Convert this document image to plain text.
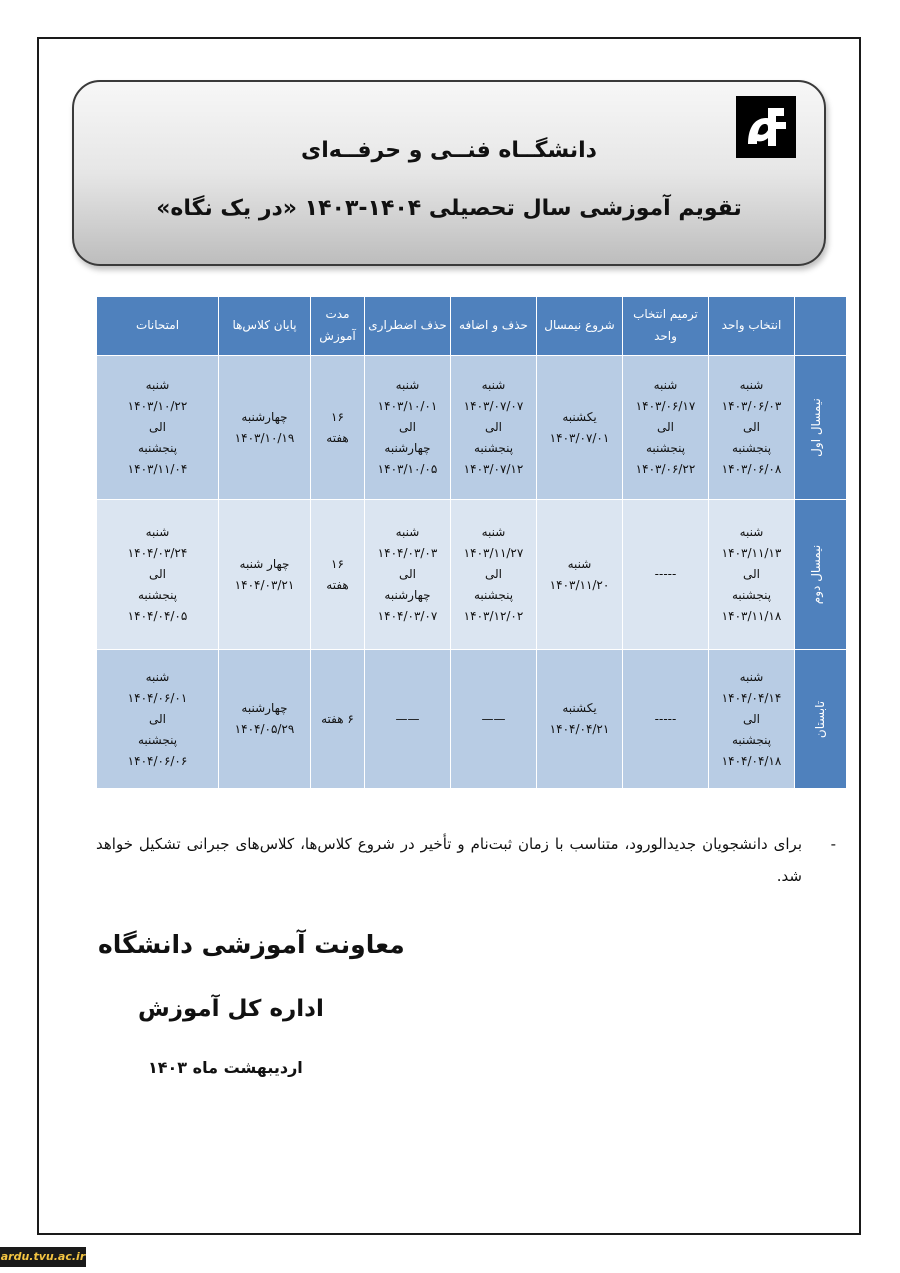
دانشگــاه فنــی و حرفــه‌ای
تقویم آموزشی سال تحصیلی ۱۴۰۴-۱۴۰۳ «در یک نگاه»
	انتخاب واحد	ترمیم انتخاب واحد	شروع نیمسال	حذف و اضافه	حذف اضطراری	مدت آموزش	پایان کلاس‌ها	امتحانات
نیمسال اول	شنبه
۱۴۰۳/۰۶/۰۳
الی
پنجشنبه
۱۴۰۳/۰۶/۰۸	شنبه
۱۴۰۳/۰۶/۱۷
الی
پنجشنبه
۱۴۰۳/۰۶/۲۲	یکشنبه
۱۴۰۳/۰۷/۰۱	شنبه
۱۴۰۳/۰۷/۰۷
الی
پنجشنبه
۱۴۰۳/۰۷/۱۲	شنبه
۱۴۰۳/۱۰/۰۱
الی
چهارشنبه
۱۴۰۳/۱۰/۰۵	۱۶
هفته	چهارشنبه
۱۴۰۳/۱۰/۱۹	شنبه
۱۴۰۳/۱۰/۲۲
الی
پنجشنبه
۱۴۰۳/۱۱/۰۴
نیمسال دوم	شنبه
۱۴۰۳/۱۱/۱۳
الی
پنجشنبه
۱۴۰۳/۱۱/۱۸	-----	شنبه
۱۴۰۳/۱۱/۲۰	شنبه
۱۴۰۳/۱۱/۲۷
الی
پنجشنبه
۱۴۰۳/۱۲/۰۲	شنبه
۱۴۰۴/۰۳/۰۳
الی
چهارشنبه
۱۴۰۴/۰۳/۰۷	۱۶
هفته	چهار شنبه
۱۴۰۴/۰۳/۲۱	شنبه
۱۴۰۴/۰۳/۲۴
الی
پنجشنبه
۱۴۰۴/۰۴/۰۵
تابستان	شنبه
۱۴۰۴/۰۴/۱۴
الی
پنجشنبه
۱۴۰۴/۰۴/۱۸	-----	یکشنبه
۱۴۰۴/۰۴/۲۱	——	——	۶ هفته	چهارشنبه
۱۴۰۴/۰۵/۲۹	شنبه
۱۴۰۴/۰۶/۰۱
الی
پنجشنبه
۱۴۰۴/۰۶/۰۶
-
برای دانشجویان جدیدالورود، متناسب با زمان ثبت‌نام و تأخیر در شروع کلاس‌ها، کلاس‌های جبرانی تشکیل خواهد شد.
معاونت آموزشی دانشگاه
اداره کل آموزش
اردیبهشت ماه ۱۴۰۳
ardu.tvu.ac.ir
